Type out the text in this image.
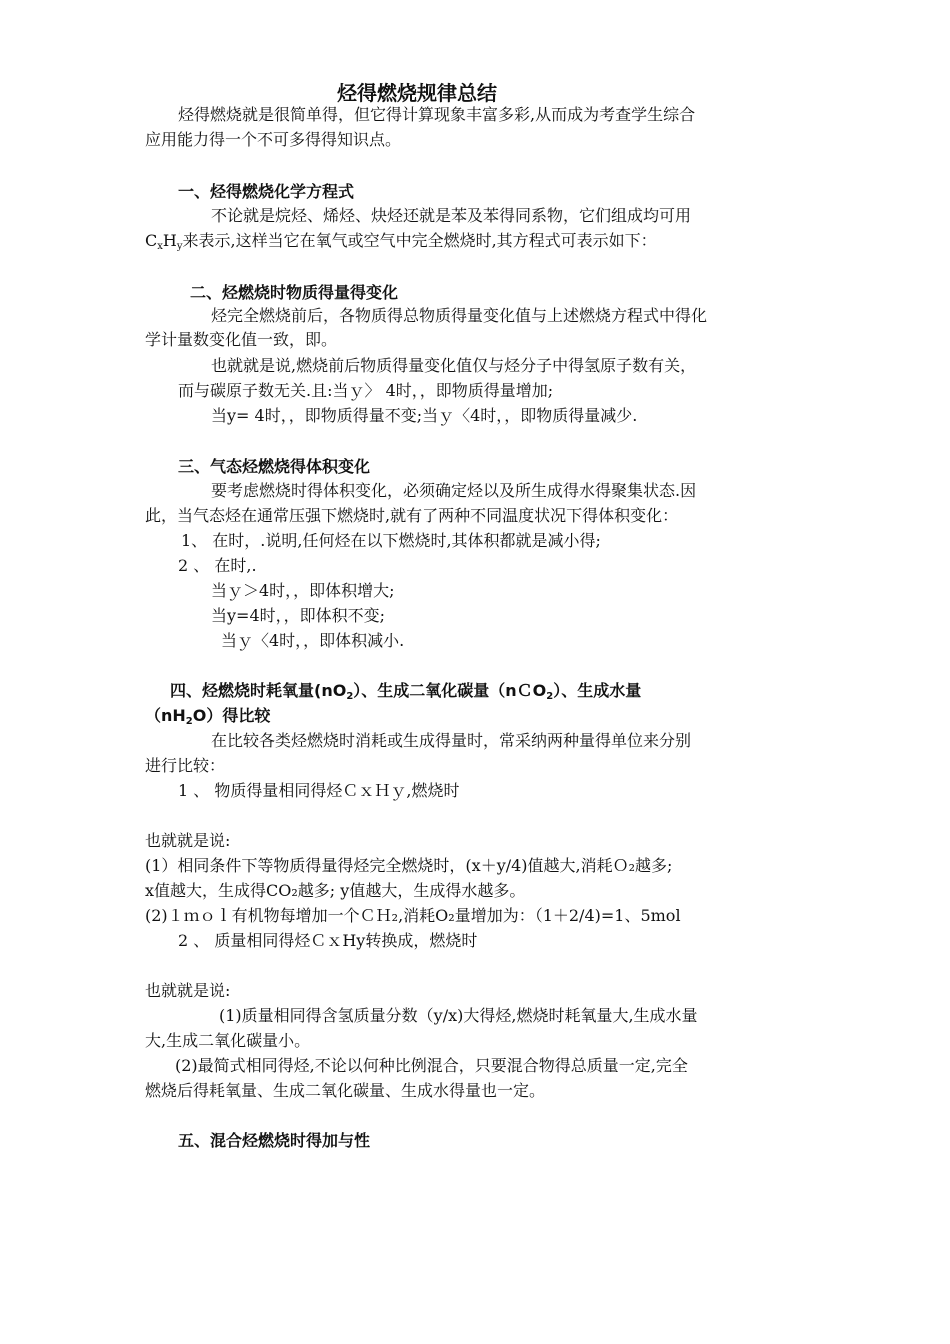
烃得燃烧规律总结
烃得燃烧就是很简单得，但它得计算现象丰富多彩,从而成为考查学生综合
应用能力得一个不可多得得知识点。
一、烃得燃烧化学方程式
不论就是烷烃、烯烃、炔烃还就是苯及苯得同系物，它们组成均可用
$C_xH_y$来表示,这样当它在氧气或空气中完全燃烧时,其方程式可表示如下：
二、烃燃烧时物质得量得变化
烃完全燃烧前后，各物质得总物质得量变化值与上述燃烧方程式中得化
学计量数变化值一致，即。
也就就是说,燃烧前后物质得量变化值仅与烃分子中得氢原子数有关，
而与碳原子数无关.且:当ｙ〉 4时，，即物质得量增加;
当y= 4时，，即物质得量不变;当ｙ〈4时，，即物质得量减少.
三、气态烃燃烧得体积变化
要考虑燃烧时得体积变化，必须确定烃以及所生成得水得聚集状态.因
此，当气态烃在通常压强下燃烧时,就有了两种不同温度状况下得体积变化：
1、 在时，.说明,任何烃在以下燃烧时,其体积都就是减小得;
2 、 在时,.
当ｙ＞4时，，即体积增大;
当y=4时，，即体积不变;
当ｙ〈4时，，即体积减小.
四、烃燃烧时耗氧量$(nO_2)$、生成二氧化碳量（nＣO$_2$）、生成水量
$(nH_2O)$得比较
在比较各类烃燃烧时消耗或生成得量时，常采纳两种量得单位来分别
进行比较：
1 、 物质得量相同得烃ＣｘＨｙ,燃烧时
也就就是说:
(1）相同条件下等物质得量得烃完全燃烧时，(x＋y/4)值越大,消耗Ｏ₂越多;
x值越大，生成得CO₂越多; y值越大，生成得水越多。
(2)１ｍｏｌ有机物每增加一个ＣＨ₂,消耗O₂量增加为：（1＋2/4)=1、5mol
2 、 质量相同得烃ＣｘHy转换成，燃烧时
也就就是说:
(1)质量相同得含氢质量分数（y/x)大得烃,燃烧时耗氧量大,生成水量
大,生成二氧化碳量小。
(2)最简式相同得烃,不论以何种比例混合，只要混合物得总质量一定,完全
燃烧后得耗氧量、生成二氧化碳量、生成水得量也一定。
五、混合烃燃烧时得加与性
